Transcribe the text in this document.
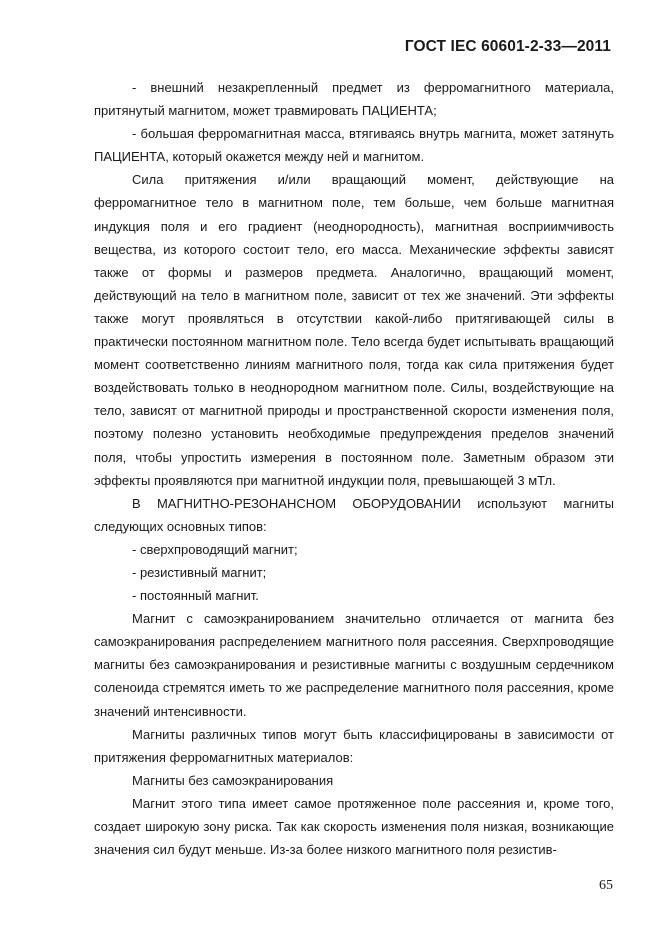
ГОСТ IEC 60601-2-33—2011

- внешний незакрепленный предмет из ферромагнитного материала, притянутый магнитом, может травмировать ПАЦИЕНТА;

- большая ферромагнитная масса, втягиваясь внутрь магнита, может затянуть ПАЦИЕНТА, который окажется между ней и магнитом.

Сила притяжения и/или вращающий момент, действующие на ферромагнитное тело в магнитном поле, тем больше, чем больше магнитная индукция поля и его градиент (неоднородность), магнитная восприимчивость вещества, из которого состоит тело, его масса. Механические эффекты зависят также от формы и размеров предмета. Аналогично, вращающий момент, действующий на тело в магнитном поле, зависит от тех же значений. Эти эффекты также могут проявляться в отсутствии какой-либо притягивающей силы в практически постоянном магнитном поле. Тело всегда будет испытывать вращающий момент соответственно линиям магнитного поля, тогда как сила притяжения будет воздействовать только в неоднородном магнитном поле. Силы, воздействующие на тело, зависят от магнитной природы и пространственной скорости изменения поля, поэтому полезно установить необходимые предупреждения пределов значений поля, чтобы упростить измерения в постоянном поле. Заметным образом эти эффекты проявляются при магнитной индукции поля, превышающей 3 мТл.

В МАГНИТНО-РЕЗОНАНСНОМ ОБОРУДОВАНИИ используют магниты следующих основных типов:

- сверхпроводящий магнит;

- резистивный магнит;

- постоянный магнит.

Магнит с самоэкранированием значительно отличается от магнита без самоэкранирования распределением магнитного поля рассеяния. Сверхпроводящие магниты без самоэкранирования и резистивные магниты с воздушным сердечником соленоида стремятся иметь то же распределение магнитного поля рассеяния, кроме значений интенсивности.

Магниты различных типов могут быть классифицированы в зависимости от притяжения ферромагнитных материалов:

Магниты без самоэкранирования

Магнит этого типа имеет самое протяженное поле рассеяния и, кроме того, создает широкую зону риска. Так как скорость изменения поля низкая, возникающие значения сил будут меньше. Из-за более низкого магнитного поля резистив-

65
